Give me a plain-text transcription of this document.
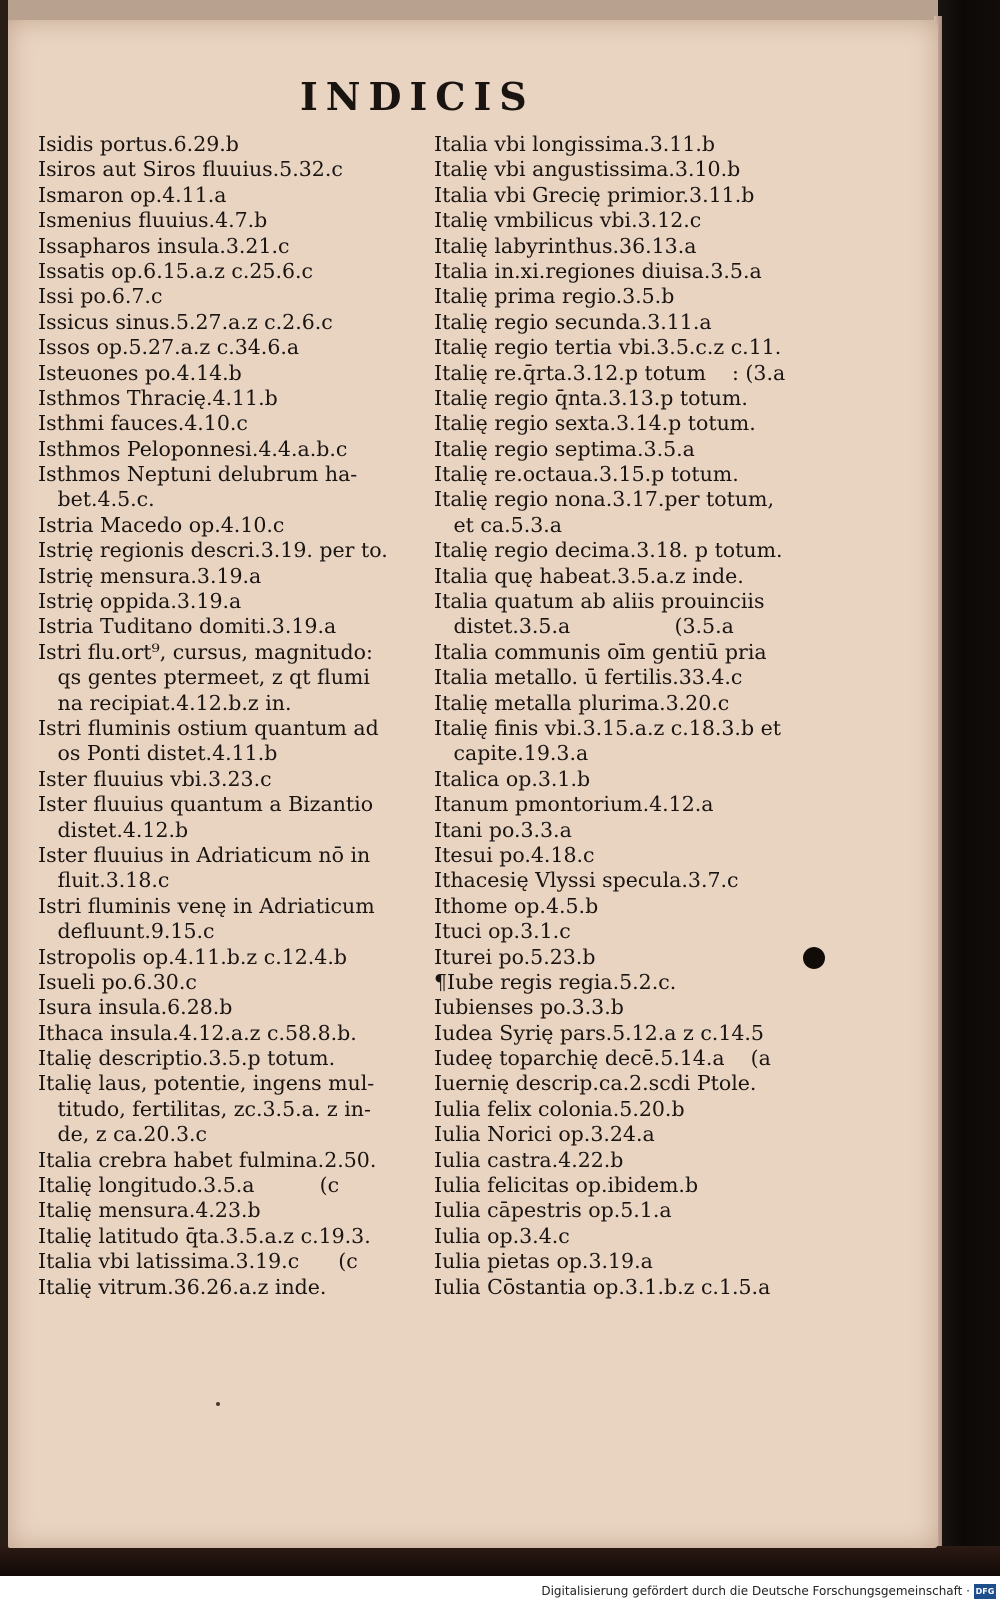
INDICIS
Isidis portus.6.29.b
Isiros aut Siros fluuius.5.32.c
Ismaron op.4.11.a
Ismenius fluuius.4.7.b
Issapharos insula.3.21.c
Issatis op.6.15.a.z c.25.6.c
Issi po.6.7.c
Issicus sinus.5.27.a.z c.2.6.c
Issos op.5.27.a.z c.34.6.a
Isteuones po.4.14.b
Isthmos Thracię.4.11.b
Isthmi fauces.4.10.c
Isthmos Peloponnesi.4.4.a.b.c
Isthmos Neptuni delubrum ha-
bet.4.5.c.
Istria Macedo op.4.10.c
Istrię regionis descri.3.19. per to.
Istrię mensura.3.19.a
Istrię oppida.3.19.a
Istria Tuditano domiti.3.19.a
Istri flu.ort⁹, cursus, magnitudo:
qs gentes ptermeet, z qt flumi
na recipiat.4.12.b.z in.
Istri fluminis ostium quantum ad
os Ponti distet.4.11.b
Ister fluuius vbi.3.23.c
Ister fluuius quantum a Bizantio
distet.4.12.b
Ister fluuius in Adriaticum nō in
fluit.3.18.c
Istri fluminis venę in Adriaticum
defluunt.9.15.c
Istropolis op.4.11.b.z c.12.4.b
Isueli po.6.30.c
Isura insula.6.28.b
Ithaca insula.4.12.a.z c.58.8.b.
Italię descriptio.3.5.p totum.
Italię laus, potentie, ingens mul-
titudo, fertilitas, zc.3.5.a. z in-
de, z ca.20.3.c
Italia crebra habet fulmina.2.50.
Italię longitudo.3.5.a          (c
Italię mensura.4.23.b
Italię latitudo q̄ta.3.5.a.z c.19.3.
Italia vbi latissima.3.19.c      (c
Italię vitrum.36.26.a.z inde.
Italia vbi longissima.3.11.b
Italię vbi angustissima.3.10.b
Italia vbi Grecię primior.3.11.b
Italię vmbilicus vbi.3.12.c
Italię labyrinthus.36.13.a
Italia in.xi.regiones diuisa.3.5.a
Italię prima regio.3.5.b
Italię regio secunda.3.11.a
Italię regio tertia vbi.3.5.c.z c.11.
Italię re.q̄rta.3.12.p totum    : (3.a
Italię regio q̄nta.3.13.p totum.
Italię regio sexta.3.14.p totum.
Italię regio septima.3.5.a
Italię re.octaua.3.15.p totum.
Italię regio nona.3.17.per totum,
et ca.5.3.a
Italię regio decima.3.18. p totum.
Italia quę habeat.3.5.a.z inde.
Italia quatum ab aliis prouinciis
distet.3.5.a                (3.5.a
Italia communis oīm gentiū pria
Italia metallo. ū fertilis.33.4.c
Italię metalla plurima.3.20.c
Italię finis vbi.3.15.a.z c.18.3.b et
capite.19.3.a
Italica op.3.1.b
Itanum pmontorium.4.12.a
Itani po.3.3.a
Itesui po.4.18.c
Ithacesię Vlyssi specula.3.7.c
Ithome op.4.5.b
Ituci op.3.1.c
Iturei po.5.23.b
¶Iube regis regia.5.2.c.
Iubienses po.3.3.b
Iudea Syrię pars.5.12.a z c.14.5
Iudeę toparchię decē.5.14.a    (a
Iuernię descrip.ca.2.scdi Ptole.
Iulia felix colonia.5.20.b
Iulia Norici op.3.24.a
Iulia castra.4.22.b
Iulia felicitas op.ibidem.b
Iulia cāpestris op.5.1.a
Iulia op.3.4.c
Iulia pietas op.3.19.a
Iulia Cōstantia op.3.1.b.z c.1.5.a
Digitalisierung gefördert durch die Deutsche Forschungsgemeinschaft · DFG
